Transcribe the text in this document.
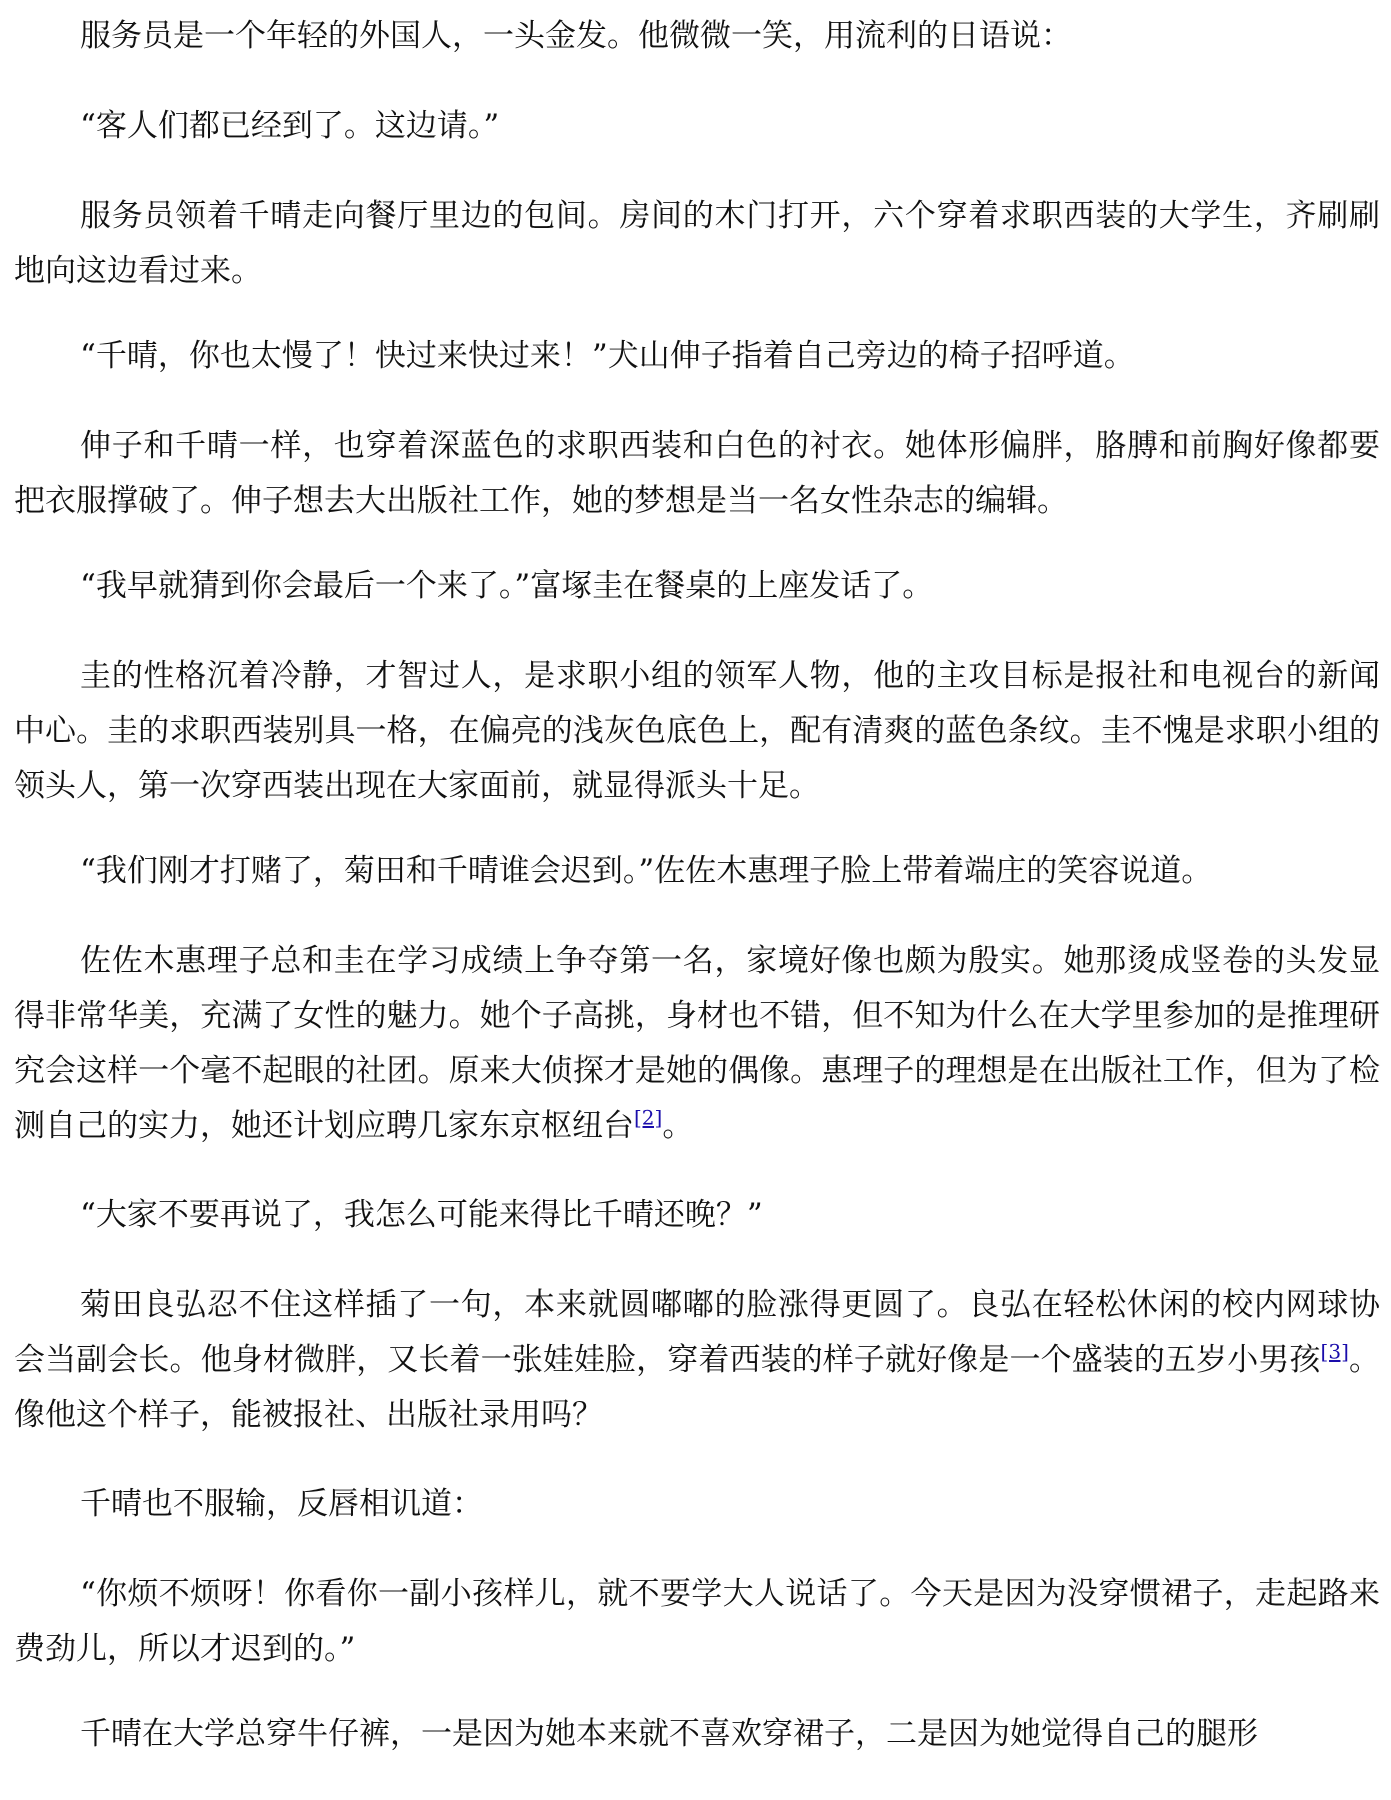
服务员是一个年轻的外国人，一头金发。他微微一笑，用流利的日语说：

“客人们都已经到了。这边请。”

服务员领着千晴走向餐厅里边的包间。房间的木门打开，六个穿着求职西装的大学生，齐刷刷地向这边看过来。

“千晴，你也太慢了！快过来快过来！”犬山伸子指着自己旁边的椅子招呼道。

伸子和千晴一样，也穿着深蓝色的求职西装和白色的衬衣。她体形偏胖，胳膊和前胸好像都要把衣服撑破了。伸子想去大出版社工作，她的梦想是当一名女性杂志的编辑。

“我早就猜到你会最后一个来了。”富塚圭在餐桌的上座发话了。

圭的性格沉着冷静，才智过人，是求职小组的领军人物，他的主攻目标是报社和电视台的新闻中心。圭的求职西装别具一格，在偏亮的浅灰色底色上，配有清爽的蓝色条纹。圭不愧是求职小组的领头人，第一次穿西装出现在大家面前，就显得派头十足。

“我们刚才打赌了，菊田和千晴谁会迟到。”佐佐木惠理子脸上带着端庄的笑容说道。

佐佐木惠理子总和圭在学习成绩上争夺第一名，家境好像也颇为殷实。她那烫成竖卷的头发显得非常华美，充满了女性的魅力。她个子高挑，身材也不错，但不知为什么在大学里参加的是推理研究会这样一个毫不起眼的社团。原来大侦探才是她的偶像。惠理子的理想是在出版社工作，但为了检测自己的实力，她还计划应聘几家东京枢纽台[2]。

“大家不要再说了，我怎么可能来得比千晴还晚？”

菊田良弘忍不住这样插了一句，本来就圆嘟嘟的脸涨得更圆了。良弘在轻松休闲的校内网球协会当副会长。他身材微胖，又长着一张娃娃脸，穿着西装的样子就好像是一个盛装的五岁小男孩[3]。像他这个样子，能被报社、出版社录用吗？

千晴也不服输，反唇相讥道：

“你烦不烦呀！你看你一副小孩样儿，就不要学大人说话了。今天是因为没穿惯裙子，走起路来费劲儿，所以才迟到的。”

千晴在大学总穿牛仔裤，一是因为她本来就不喜欢穿裙子，二是因为她觉得自己的腿形
